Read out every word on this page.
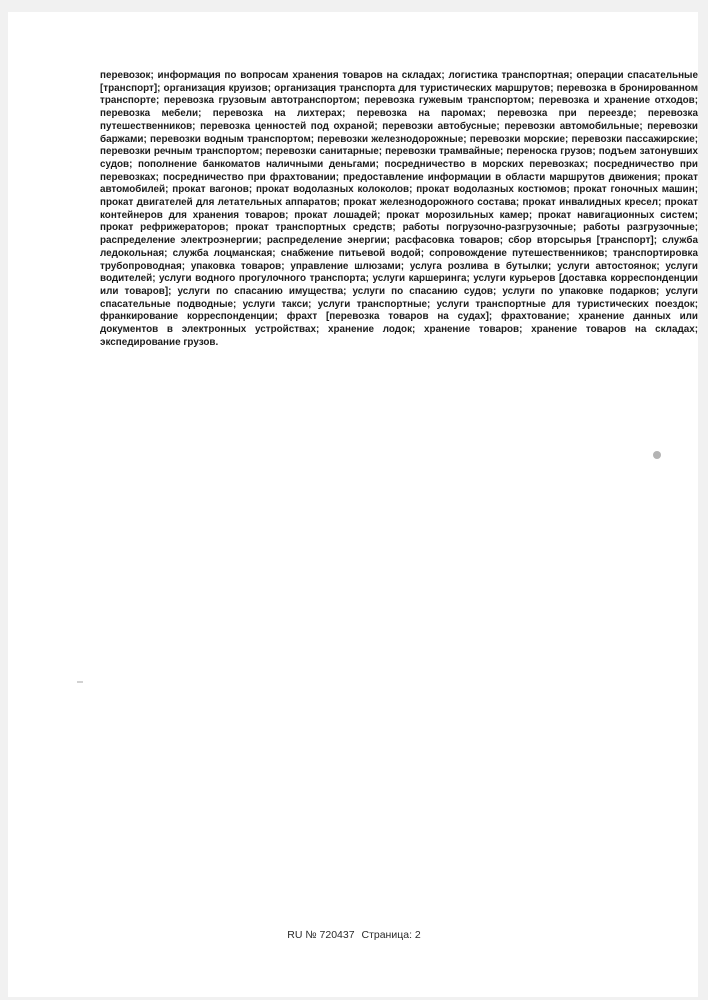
перевозок; информация по вопросам хранения товаров на складах; логистика транспортная; операции спасательные [транспорт]; организация круизов; организация транспорта для туристических маршрутов; перевозка в бронированном транспорте; перевозка грузовым автотранспортом; перевозка гужевым транспортом; перевозка и хранение отходов; перевозка мебели; перевозка на лихтерах; перевозка на паромах; перевозка при переезде; перевозка путешественников; перевозка ценностей под охраной; перевозки автобусные; перевозки автомобильные; перевозки баржами; перевозки водным транспортом; перевозки железнодорожные; перевозки морские; перевозки пассажирские; перевозки речным транспортом; перевозки санитарные; перевозки трамвайные; переноска грузов; подъем затонувших судов; пополнение банкоматов наличными деньгами; посредничество в морских перевозках; посредничество при перевозках; посредничество при фрахтовании; предоставление информации в области маршрутов движения; прокат автомобилей; прокат вагонов; прокат водолазных колоколов; прокат водолазных костюмов; прокат гоночных машин; прокат двигателей для летательных аппаратов; прокат железнодорожного состава; прокат инвалидных кресел; прокат контейнеров для хранения товаров; прокат лошадей; прокат морозильных камер; прокат навигационных систем; прокат рефрижераторов; прокат транспортных средств; работы погрузочно-разгрузочные; работы разгрузочные; распределение электроэнергии; распределение энергии; расфасовка товаров; сбор вторсырья [транспорт]; служба ледокольная; служба лоцманская; снабжение питьевой водой; сопровождение путешественников; транспортировка трубопроводная; упаковка товаров; управление шлюзами; услуга розлива в бутылки; услуги автостоянок; услуги водителей; услуги водного прогулочного транспорта; услуги каршеринга; услуги курьеров [доставка корреспонденции или товаров]; услуги по спасанию имущества; услуги по спасанию судов; услуги по упаковке подарков; услуги спасательные подводные; услуги такси; услуги транспортные; услуги транспортные для туристических поездок; франкирование корреспонденции; фрахт [перевозка товаров на судах]; фрахтование; хранение данных или документов в электронных устройствах; хранение лодок; хранение товаров; хранение товаров на складах; экспедирование грузов.

RU № 720437 Страница: 2
